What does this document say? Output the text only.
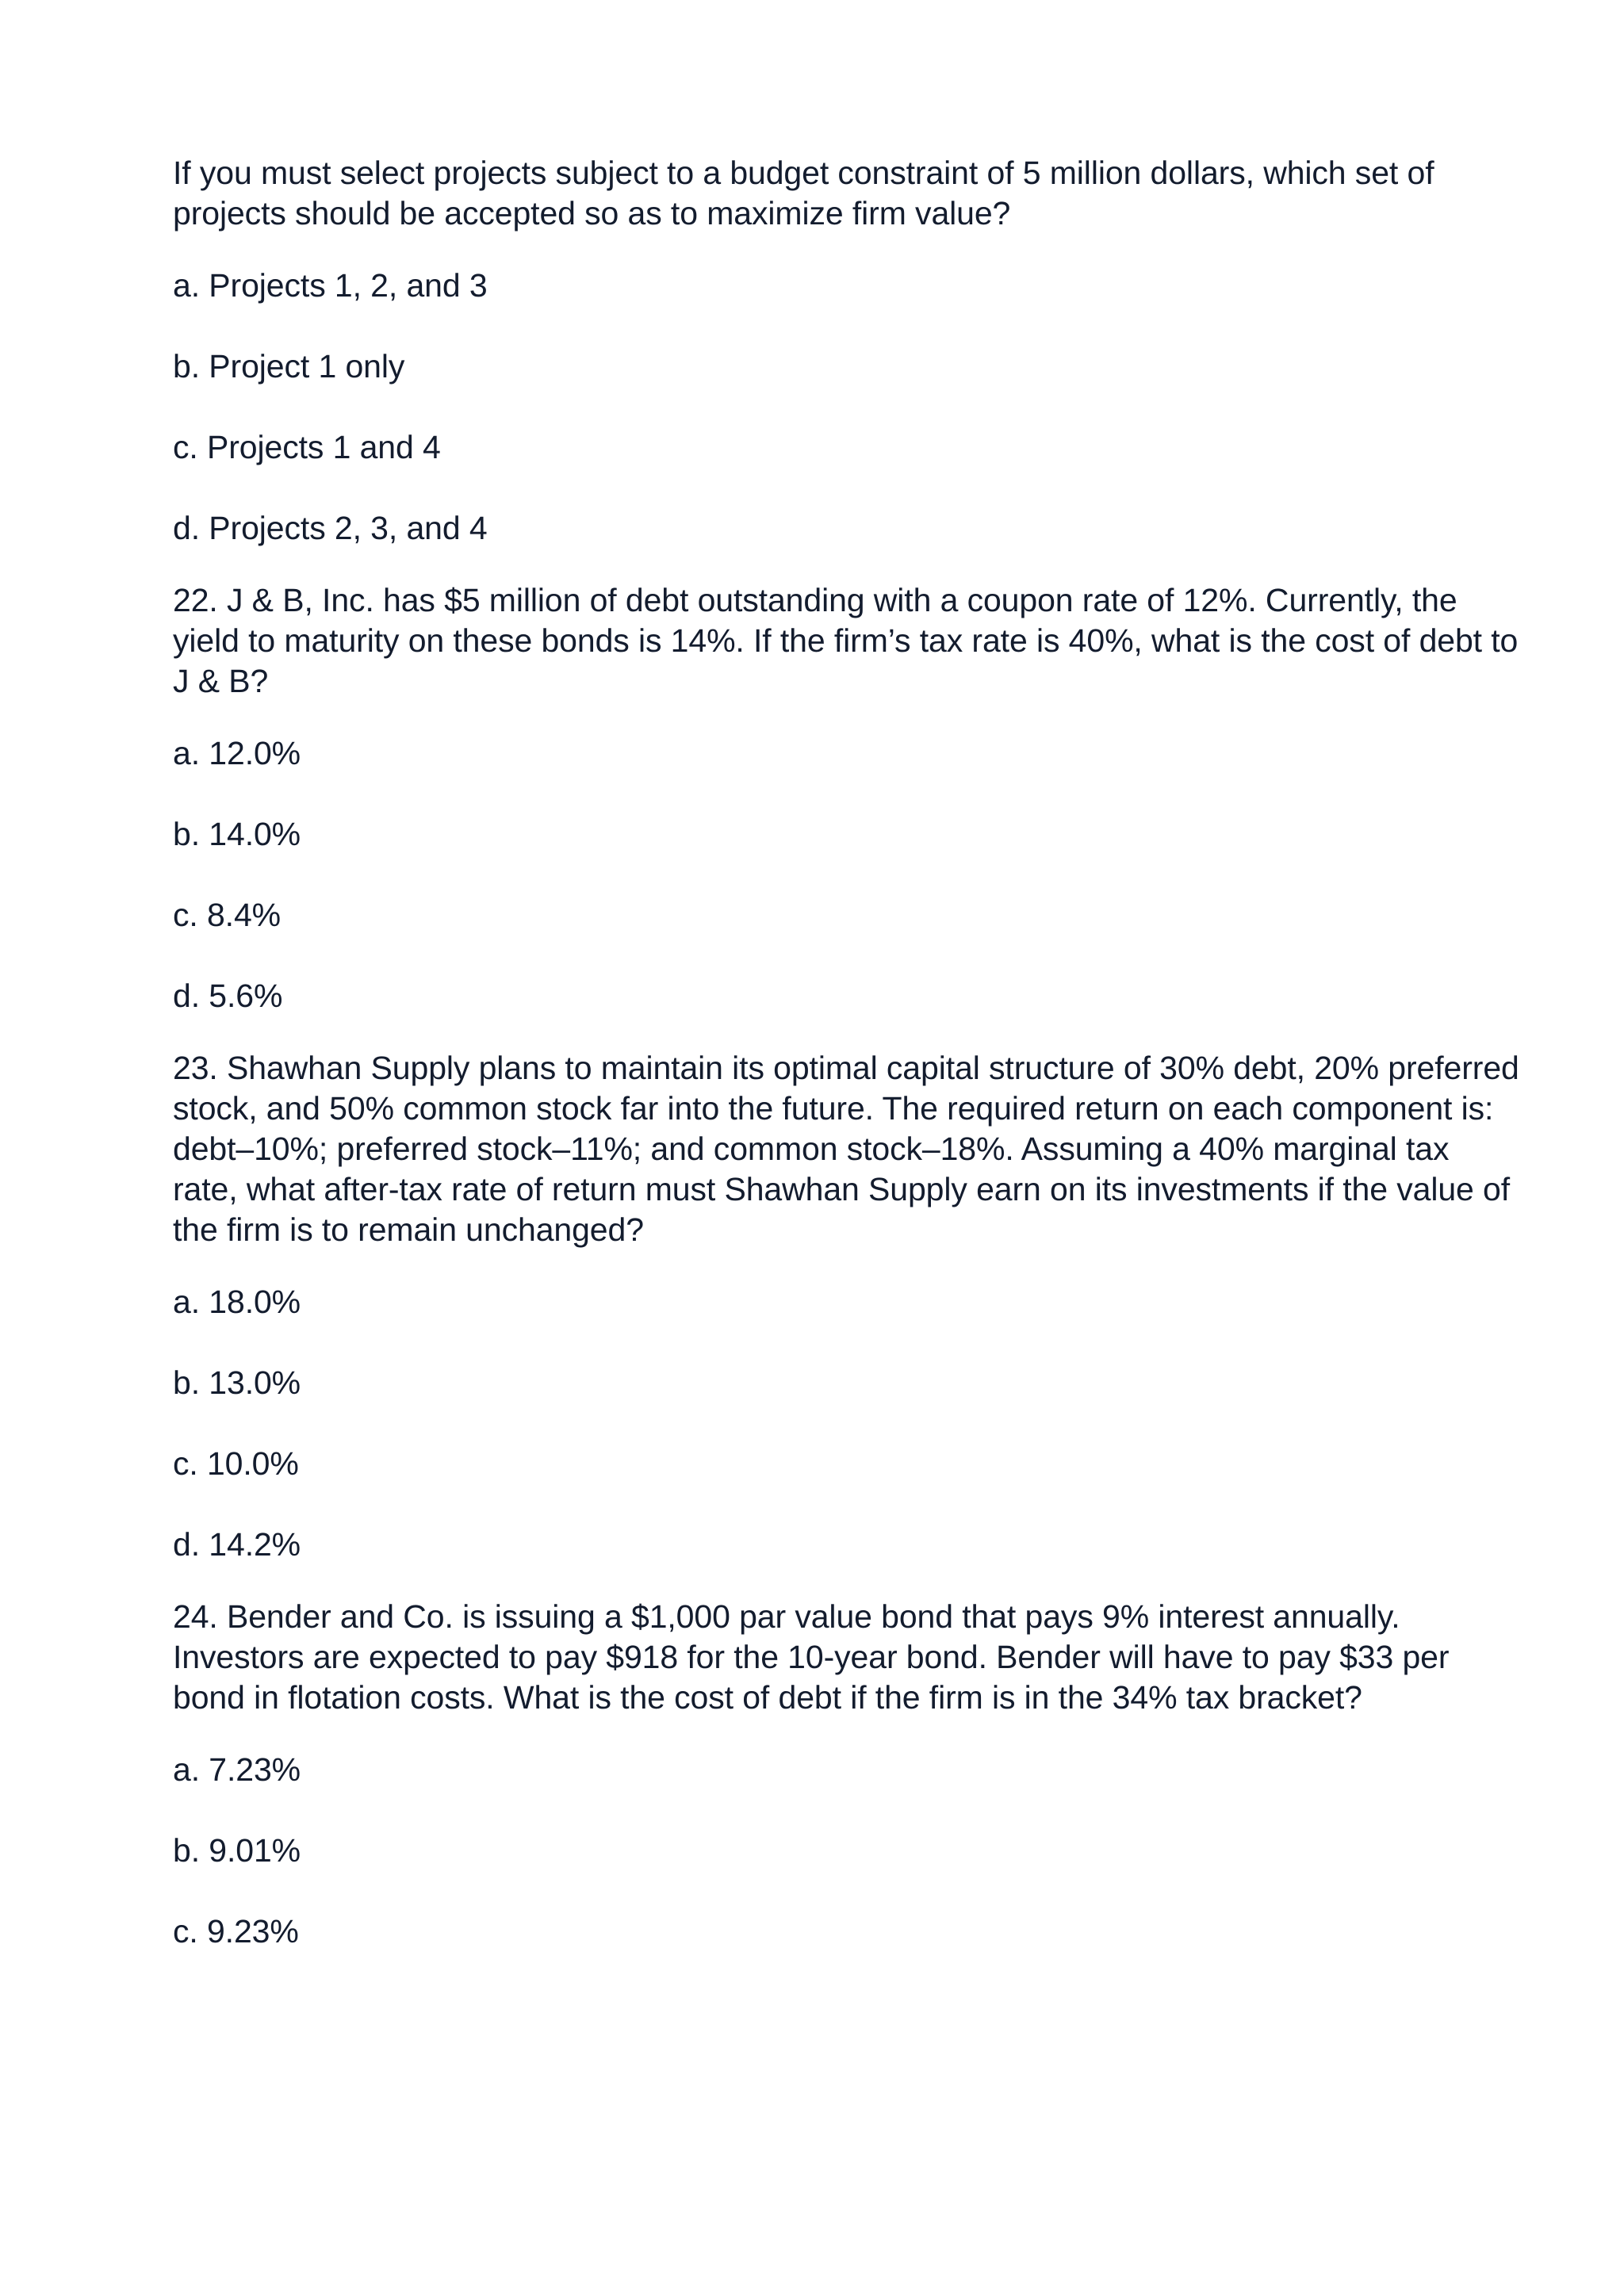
If you must select projects subject to a budget constraint of 5 million dollars, which set of projects should be accepted so as to maximize firm value?

a. Projects 1, 2, and 3

b. Project 1 only

c. Projects 1 and 4

d. Projects 2, 3, and 4

22. J & B, Inc. has $5 million of debt outstanding with a coupon rate of 12%. Currently, the yield to maturity on these bonds is 14%. If the firm’s tax rate is 40%, what is the cost of debt to J & B?

a. 12.0%

b. 14.0%

c. 8.4%

d. 5.6%

23. Shawhan Supply plans to maintain its optimal capital structure of 30% debt, 20% preferred stock, and 50% common stock far into the future. The required return on each component is: debt–10%; preferred stock–11%; and common stock–18%. Assuming a 40% marginal tax rate, what after-tax rate of return must Shawhan Supply earn on its investments if the value of the firm is to remain unchanged?

a. 18.0%

b. 13.0%

c. 10.0%

d. 14.2%

24. Bender and Co. is issuing a $1,000 par value bond that pays 9% interest annually. Investors are expected to pay $918 for the 10-year bond. Bender will have to pay $33 per bond in flotation costs. What is the cost of debt if the firm is in the 34% tax bracket?

a. 7.23%

b. 9.01%

c. 9.23%
